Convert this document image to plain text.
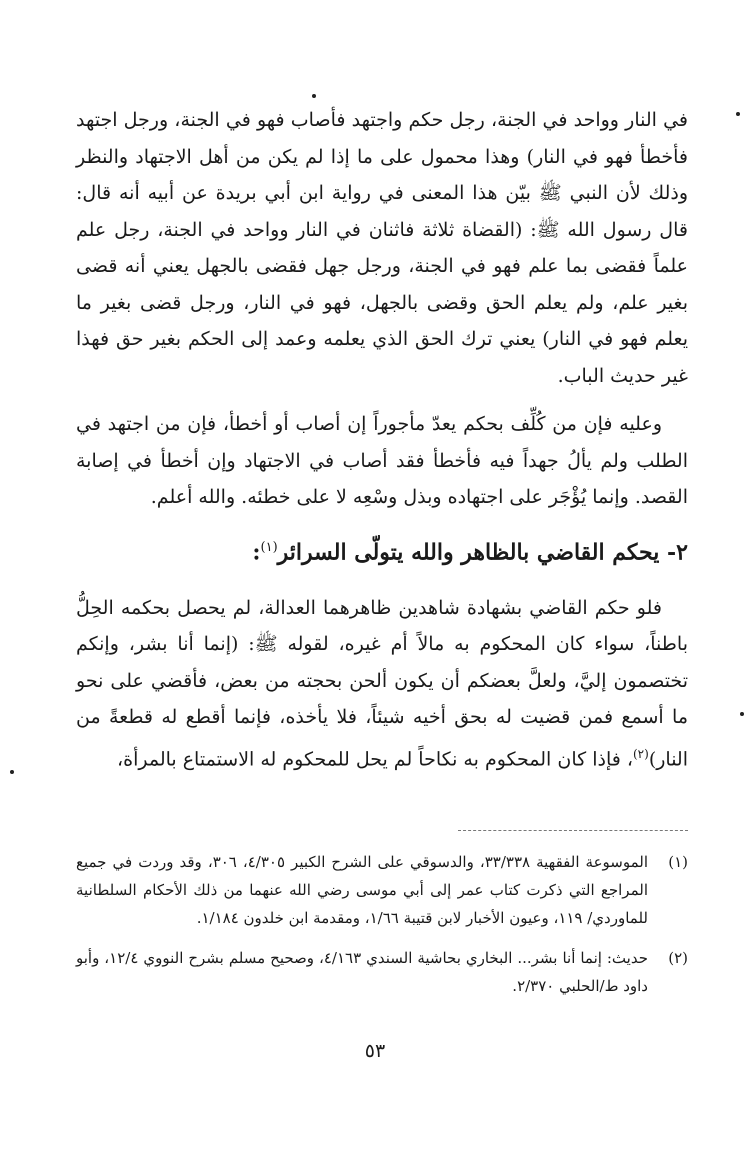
في النار وواحد في الجنة، رجل حكم واجتهد فأصاب فهو في الجنة، ورجل اجتهد فأخطأ فهو في النار) وهذا محمول على ما إذا لم يكن من أهل الاجتهاد والنظر وذلك لأن النبي ﷺ بيّن هذا المعنى في رواية ابن أبي بريدة عن أبيه أنه قال: قال رسول الله ﷺ: (القضاة ثلاثة فاثنان في النار وواحد في الجنة، رجل علم علماً فقضى بما علم فهو في الجنة، ورجل جهل فقضى بالجهل يعني أنه قضى بغير علم، ولم يعلم الحق وقضى بالجهل، فهو في النار، ورجل قضى بغير ما يعلم فهو في النار) يعني ترك الحق الذي يعلمه وعمد إلى الحكم بغير حق فهذا غير حديث الباب.

وعليه فإن من كُلِّف بحكم يعدّ مأجوراً إن أصاب أو أخطأ، فإن من اجتهد في الطلب ولم يألُ جهداً فيه فأخطأ فقد أصاب في الاجتهاد وإن أخطأ في إصابة القصد. وإنما يُؤْجَر على اجتهاده وبذل وسْعِه لا على خطئه. والله أعلم.

٢- يحكم القاضي بالظاهر والله يتولّى السرائر$^{(١)}$:

فلو حكم القاضي بشهادة شاهدين ظاهرهما العدالة، لم يحصل بحكمه الحِلُّ باطناً، سواء كان المحكوم به مالاً أم غيره، لقوله ﷺ: (إنما أنا بشر، وإنكم تختصمون إليَّ، ولعلَّ بعضكم أن يكون ألحن بحجته من بعض، فأقضي على نحو ما أسمع فمن قضيت له بحق أخيه شيئاً، فلا يأخذه، فإنما أقطع له قطعةً من النار)$^{(٢)}$، فإذا كان المحكوم به نكاحاً لم يحل للمحكوم له الاستمتاع بالمرأة،

(١)
الموسوعة الفقهية ٣٣/٣٣٨، والدسوقي على الشرح الكبير ٤/٣٠٥، ٣٠٦، وقد وردت في جميع المراجع التي ذكرت كتاب عمر إلى أبي موسى رضي الله عنهما من ذلك الأحكام السلطانية للماوردي/ ١١٩، وعيون الأخبار لابن قتيبة ١/٦٦، ومقدمة ابن خلدون ١/١٨٤.
(٢)
حديث: إنما أنا بشر... البخاري بحاشية السندي ٤/١٦٣، وصحيح مسلم بشرح النووي ١٢/٤، وأبو داود ط/الحلبي ٢/٣٧٠.
٥٣
